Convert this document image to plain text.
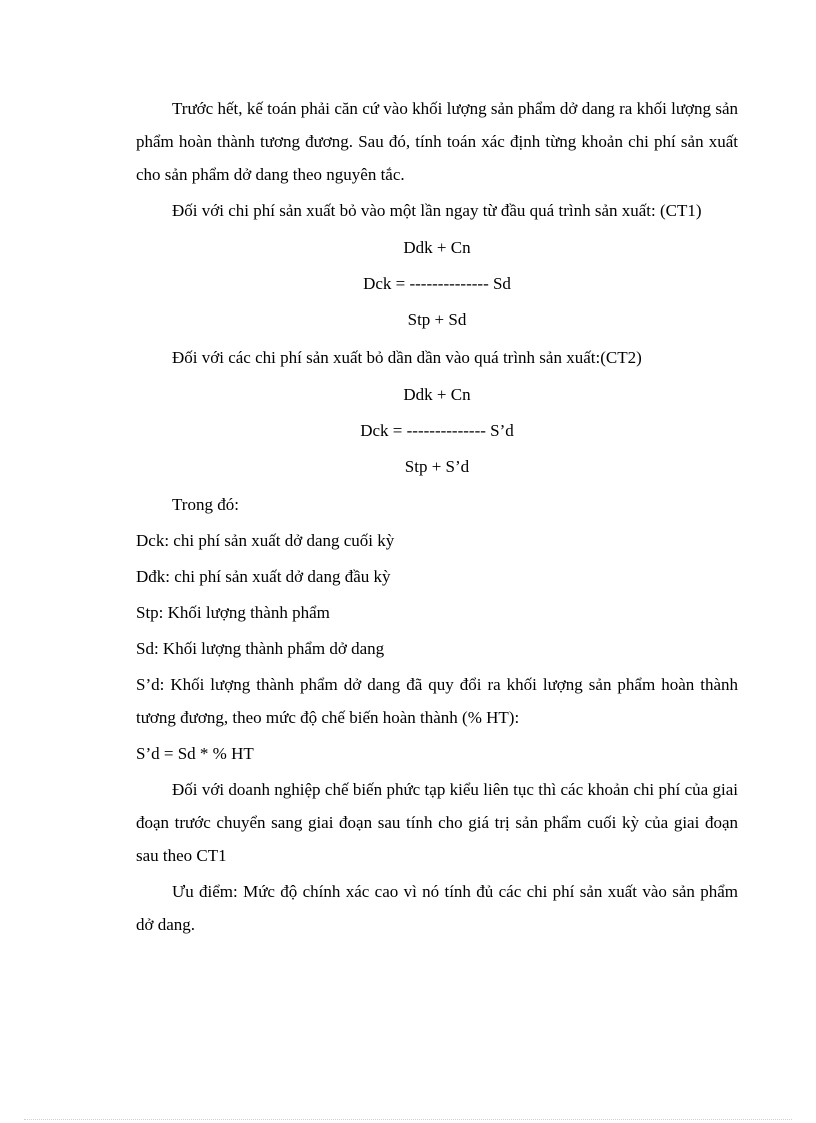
Trước hết, kế toán phải căn cứ vào khối lượng sản phẩm dở dang ra khối lượng sản phẩm hoàn thành tương đương. Sau đó, tính toán xác định từng khoản chi phí sản xuất cho sản phẩm dở dang theo nguyên tắc.

Đối với chi phí sản xuất bỏ vào một lần ngay từ đầu quá trình sản xuất: (CT1)

Ddk + Cn
Dck = -------------- Sd
Stp + Sd

Đối với các chi phí sản xuất bỏ dần dần vào quá trình sản xuất:(CT2)

Ddk + Cn
Dck = -------------- S’d
Stp + S’d

Trong đó:

Dck: chi phí sản xuất dở dang cuối kỳ

Dđk: chi phí sản xuất dở dang đầu kỳ

Stp: Khối lượng thành phẩm

Sd: Khối lượng thành phẩm dở dang

S’d: Khối lượng thành phẩm dở dang đã quy đổi ra khối lượng sản phẩm hoàn thành tương đương, theo mức độ chế biến hoàn thành (% HT):

S’d = Sd * % HT

Đối với doanh nghiệp chế biến phức tạp kiểu liên tục thì các khoản chi phí của giai đoạn trước chuyển sang giai đoạn sau tính cho giá trị sản phẩm cuối kỳ của giai đoạn sau theo CT1

Ưu điểm: Mức độ chính xác cao vì nó tính đủ các chi phí sản xuất vào sản phẩm dở dang.
